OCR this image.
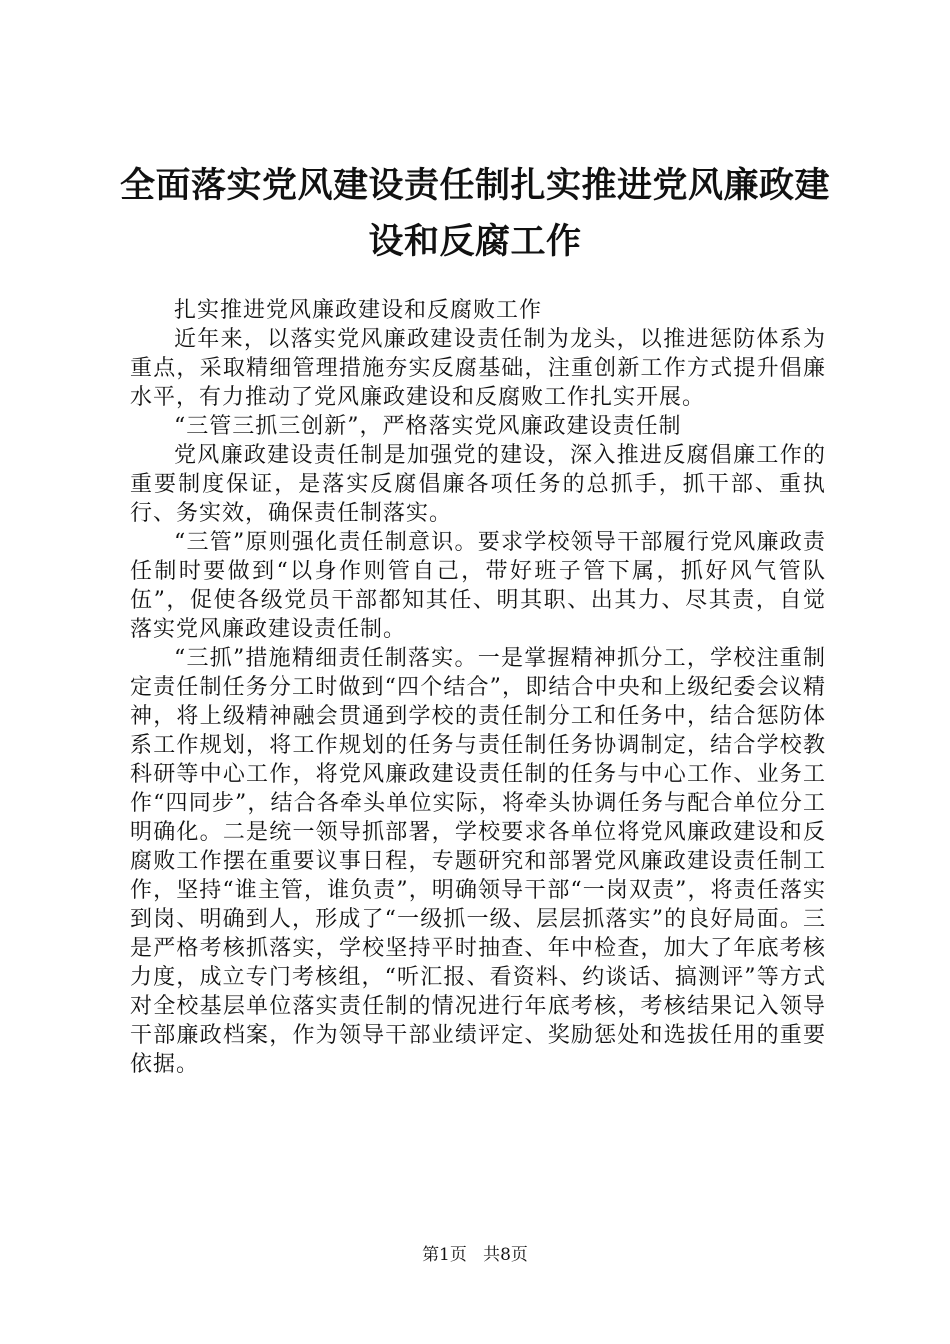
全面落实党风建设责任制扎实推进党风廉政建设和反腐工作

扎实推进党风廉政建设和反腐败工作

近年来，以落实党风廉政建设责任制为龙头，以推进惩防体系为重点，采取精细管理措施夯实反腐基础，注重创新工作方式提升倡廉水平，有力推动了党风廉政建设和反腐败工作扎实开展。

“三管三抓三创新”，严格落实党风廉政建设责任制

党风廉政建设责任制是加强党的建设，深入推进反腐倡廉工作的重要制度保证，是落实反腐倡廉各项任务的总抓手，抓干部、重执行、务实效，确保责任制落实。

“三管”原则强化责任制意识。要求学校领导干部履行党风廉政责任制时要做到“以身作则管自己，带好班子管下属，抓好风气管队伍”，促使各级党员干部都知其任、明其职、出其力、尽其责，自觉落实党风廉政建设责任制。

“三抓”措施精细责任制落实。一是掌握精神抓分工，学校注重制定责任制任务分工时做到“四个结合”，即结合中央和上级纪委会议精神，将上级精神融会贯通到学校的责任制分工和任务中，结合惩防体系工作规划，将工作规划的任务与责任制任务协调制定，结合学校教科研等中心工作，将党风廉政建设责任制的任务与中心工作、业务工作“四同步”，结合各牵头单位实际，将牵头协调任务与配合单位分工明确化。二是统一领导抓部署，学校要求各单位将党风廉政建设和反腐败工作摆在重要议事日程，专题研究和部署党风廉政建设责任制工作，坚持“谁主管，谁负责”，明确领导干部“一岗双责”，将责任落实到岗、明确到人，形成了“一级抓一级、层层抓落实”的良好局面。三是严格考核抓落实，学校坚持平时抽查、年中检查，加大了年底考核力度，成立专门考核组，“听汇报、看资料、约谈话、搞测评”等方式对全校基层单位落实责任制的情况进行年底考核，考核结果记入领导干部廉政档案，作为领导干部业绩评定、奖励惩处和选拔任用的重要依据。

第1页 共8页
